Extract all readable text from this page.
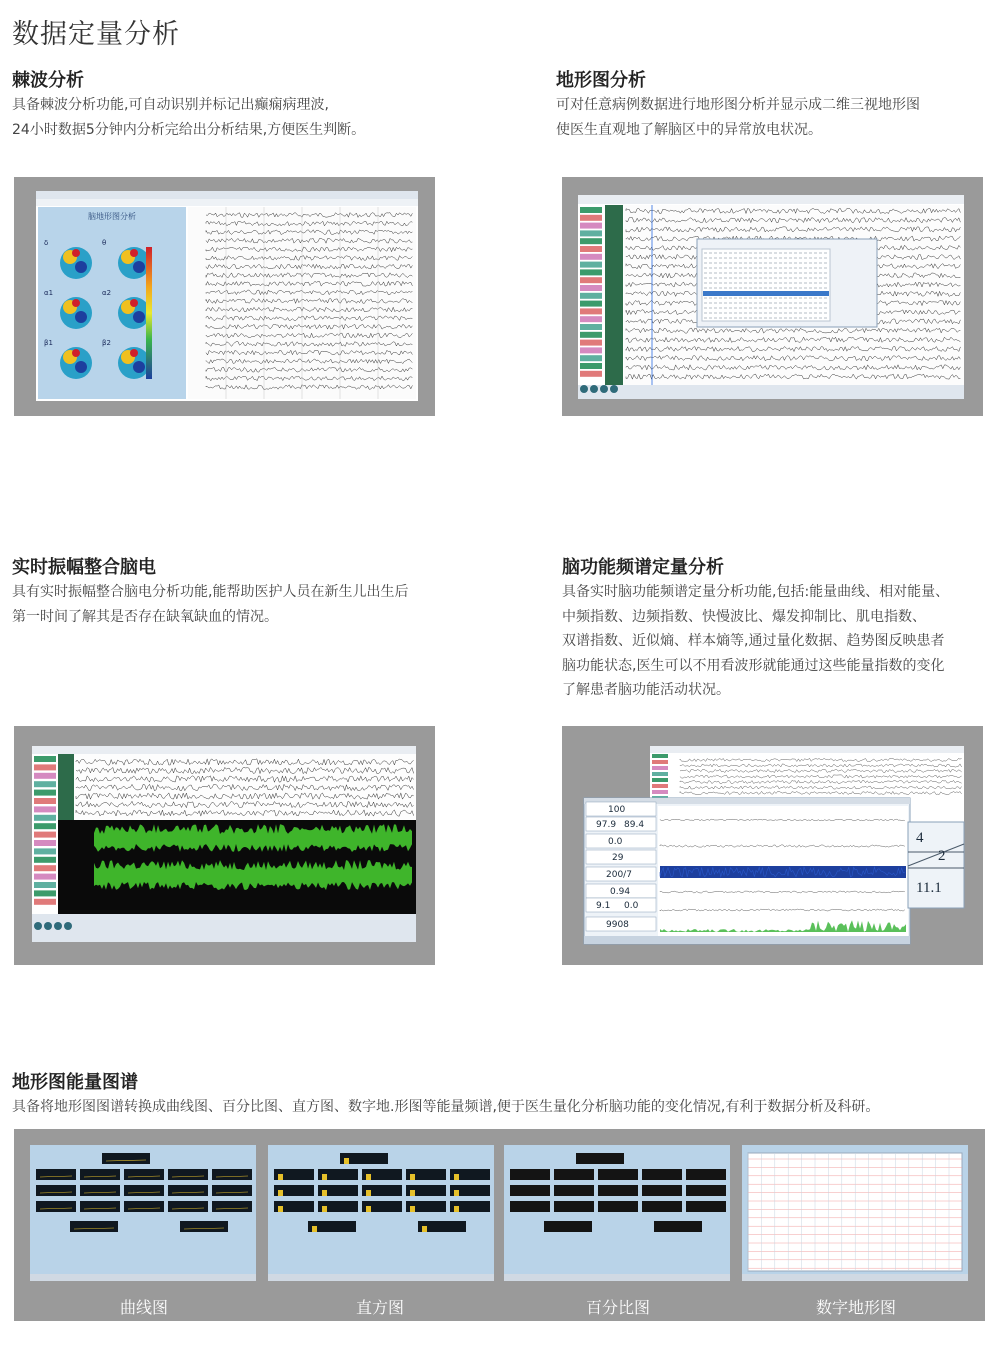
数据定量分析
棘波分析

具备棘波分析功能,可自动识别并标记出癫痫病理波,
24小时数据5分钟内分析完给出分析结果,方便医生判断。

地形图分析

可对任意病例数据进行地形图分析并显示成二维三视地形图
使医生直观地了解脑区中的异常放电状况。

脑地形图分析
δ	θ
α1	α2
β1	β2
实时振幅整合脑电

具有实时振幅整合脑电分析功能,能帮助医护人员在新生儿出生后
第一时间了解其是否存在缺氧缺血的情况。

脑功能频谱定量分析

具备实时脑功能频谱定量分析功能,包括:能量曲线、相对能量、
中频指数、边频指数、快慢波比、爆发抑制比、肌电指数、
双谱指数、近似熵、样本熵等,通过量化数据、趋势图反映患者
脑功能状态,医生可以不用看波形就能通过这些能量指数的变化
了解患者脑功能活动状况。

100
97.9 89.4
0.0
29
200/7
0.94
9.1 0.0
9908
4
2
11.1
地形图能量图谱

具备将地形图图谱转换成曲线图、百分比图、直方图、数字地.形图等能量频谱,便于医生量化分析脑功能的变化情况,有利于数据分析及科研。

曲线图	直方图	百分比图	数字地形图
